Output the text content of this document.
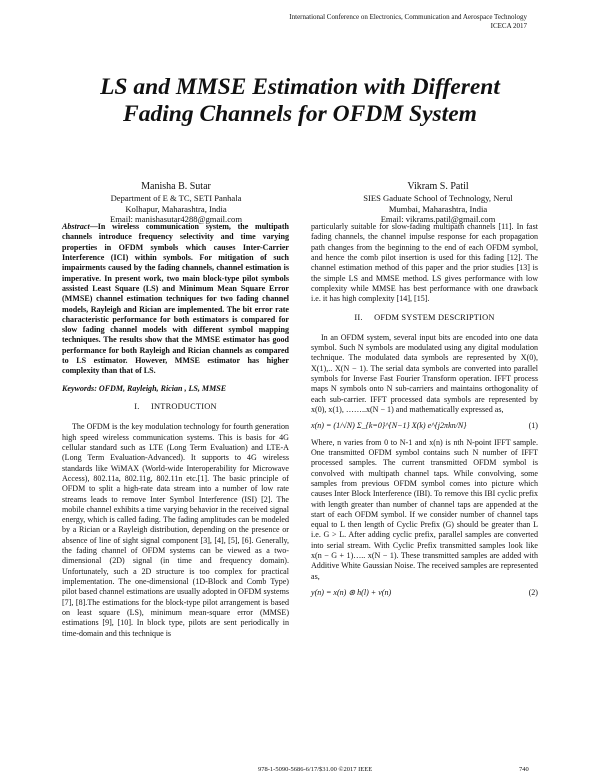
International Conference on Electronics, Communication and Aerospace Technology
ICECA 2017
LS and MMSE Estimation with Different
Fading Channels for OFDM System
Manisha B. Sutar
Department of E & TC, SETI Panhala
Kolhapur, Maharashtra, India
Email: manishasutar4288@gmail.com
Vikram S. Patil
SIES Gaduate School of Technology, Nerul
Mumbai, Maharashtra, India
Email: vikrams.patil@gmail.com

Abstract—In wireless communication system, the multipath channels introduce frequency selectivity and time varying properties in OFDM symbols which causes Inter-Carrier Interference (ICI) within symbols. For mitigation of such impairments caused by the fading channels, channel estimation is imperative. In present work, two main block-type pilot symbols assisted Least Square (LS) and Minimum Mean Square Error (MMSE) channel estimation techniques for two fading channel models, Rayleigh and Rician are implemented. The bit error rate characteristic performance for both estimators is compared for slow fading channel models with different symbol mapping techniques. The results show that the MMSE estimator has good performance for both Rayleigh and Rician channels as compared to LS estimator. However, MMSE estimator has higher complexity than that of LS.

Keywords: OFDM, Rayleigh, Rician , LS, MMSE

I.     INTRODUCTION

The OFDM is the key modulation technology for fourth generation high speed wireless communication systems. This is basis for 4G cellular standard such as LTE (Long Term Evaluation) and LTE-A (Long Term Evaluation-Advanced). It supports to 4G wireless standards like WiMAX (World-wide Interoperability for Microwave Access), 802.11a, 802.11g, 802.11n etc.[1]. The basic principle of OFDM to split a high-rate data stream into a number of low rate streams leads to remove Inter Symbol Interference (ISI) [2]. The mobile channel exhibits a time varying behavior in the received signal energy, which is called fading. The fading amplitudes can be modeled by a Rician or a Rayleigh distribution, depending on the presence or absence of line of sight signal component [3], [4], [5], [6]. Generally, the fading channel of OFDM systems can be viewed as a two-dimensional (2D) signal (in time and frequency domain). Unfortunately, such a 2D structure is too complex for practical implementation. The one-dimensional (1D-Block and Comb Type) pilot based channel estimations are usually adopted in OFDM systems [7], [8].The estimations for the block-type pilot arrangement is based on least square (LS), minimum mean-square error (MMSE) estimations [9], [10]. In block type, pilots are sent periodically in time-domain and this technique is

particularly suitable for slow-fading multipath channels [11]. In fast fading channels, the channel impulse response for each propagation path changes from the beginning to the end of each OFDM symbol, and hence the comb pilot insertion is used for this fading [12]. The channel estimation method of this paper and the prior studies [13] is the simple LS and MMSE method. LS gives performance with low complexity while MMSE has best performance with one drawback i.e. it has high complexity [14], [15].

II.     OFDM SYSTEM DESCRIPTION

In an OFDM system, several input bits are encoded into one data symbol. Such N symbols are modulated using any digital modulation technique. The modulated data symbols are represented by X(0), X(1),.. X(N − 1). The serial data symbols are converted into parallel symbols for Inverse Fast Fourier Transform operation. IFFT process maps N symbols onto N sub-carriers and maintains orthogonality of each sub-carrier. IFFT processed data symbols are represented by x(0), x(1), ……..x(N − 1) and mathematically expressed as,

x(n) = (1/√N) Σ_{k=0}^{N−1} X(k) e^{j2πkn/N}	(1)

Where, n varies from 0 to N-1 and x(n) is nth N-point IFFT sample. One transmitted OFDM symbol contains such N number of IFFT processed samples. The current transmitted OFDM symbol is convolved with multipath channel taps. While convolving, some samples from previous OFDM symbol comes into picture which causes Inter Block Interference (IBI). To remove this IBI cyclic prefix with length greater than number of channel taps are appended at the start of each OFDM symbol. If we consider number of channel taps equal to L then length of Cyclic Prefix (G) should be greater than L i.e. G > L. After adding cyclic prefix, parallel samples are converted into serial stream. With Cyclic Prefix transmitted samples look like x(n − G + 1)….. x(N − 1). These transmitted samples are added with Additive White Gaussian Noise. The received samples are represented as,

y(n) = x(n) ⊛ h(l) + v(n)	(2)
978-1-5090-5686-6/17/$31.00 ©2017 IEEE	740
